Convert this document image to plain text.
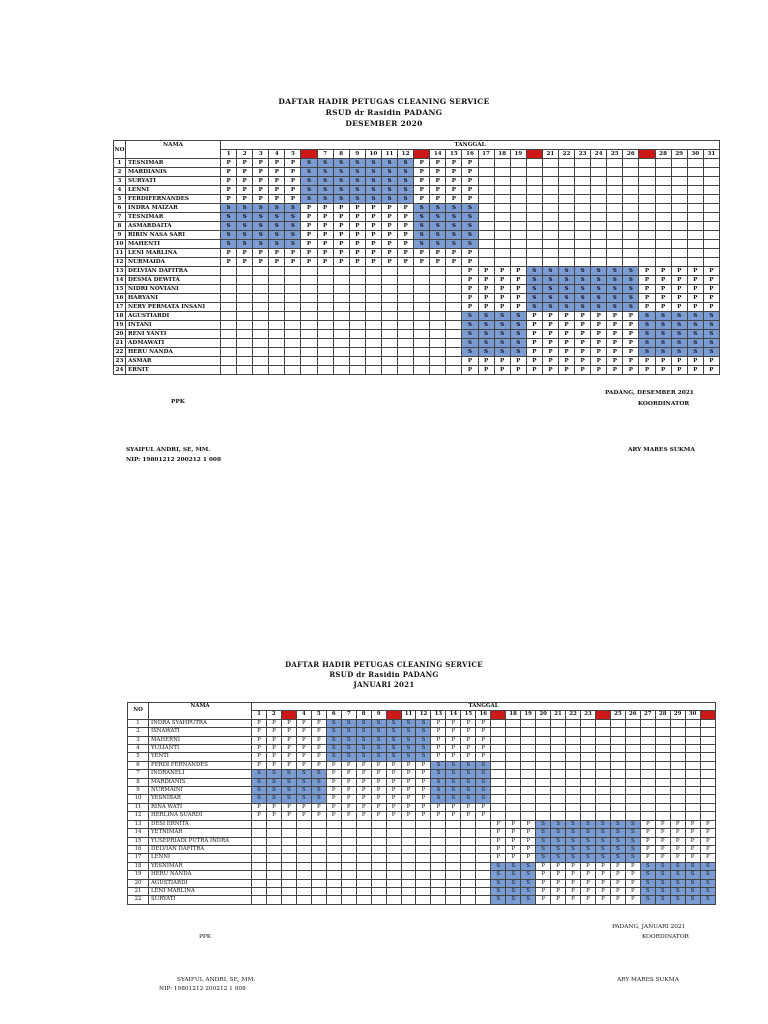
DAFTAR HADIR PETUGAS CLEANING SERVICE
RSUD dr Rasidin PADANG
DESEMBER 2020
NO	NAMA	TANGGAL																														
		1	2	3	4	5	6	7	8	9	10	11	12	13	14	15	16	17	18	19	20	21	22	23	24	25	26	27	28	29	30	31
1	TESNIMAR	P	P	P	P	P	S	S	S	S	S	S	S	P	P	P	P															
2	MARDIANIS	P	P	P	P	P	S	S	S	S	S	S	S	P	P	P	P															
3	SURYATI	P	P	P	P	P	S	S	S	S	S	S	S	P	P	P	P															
4	LENNI	P	P	P	P	P	S	S	S	S	S	S	S	P	P	P	P															
5	FERDIFERNANDES	P	P	P	P	P	S	S	S	S	S	S	S	P	P	P	P															
6	INDRA MAIZAR	S	S	S	S	S	P	P	P	P	P	P	P	S	S	S	S															
7	TESNIMAR	S	S	S	S	S	P	P	P	P	P	P	P	S	S	S	S															
8	ASMARDAITA	S	S	S	S	S	P	P	P	P	P	P	P	S	S	S	S															
9	RIRIN NASA SARI	S	S	S	S	S	P	P	P	P	P	P	P	S	S	S	S															
10	MAHENTI	S	S	S	S	S	P	P	P	P	P	P	P	S	S	S	S															
11	LENI MARLINA	P	P	P	P	P	P	P	P	P	P	P	P	P	P	P	P															
12	NURMAIDA	P	P	P	P	P	P	P	P	P	P	P	P	P	P	P	P															
13	DELVIAN DAFITRA																P	P	P	P	S	S	S	S	S	S	S	P	P	P	P	P
14	DESMA DEWITA																P	P	P	P	S	S	S	S	S	S	S	P	P	P	P	P
15	NIDRI NOVIANI																P	P	P	P	S	S	S	S	S	S	S	P	P	P	P	P
16	HARYANI																P	P	P	P	S	S	S	S	S	S	S	P	P	P	P	P
17	NERY PERMATA INSANI																P	P	P	P	S	S	S	S	S	S	S	P	P	P	P	P
18	AGUSTIARDI																S	S	S	S	P	P	P	P	P	P	P	S	S	S	S	S
19	INTANI																S	S	S	S	P	P	P	P	P	P	P	S	S	S	S	S
20	RENI YANTI																S	S	S	S	P	P	P	P	P	P	P	S	S	S	S	S
21	ADMAWATI																S	S	S	S	P	P	P	P	P	P	P	S	S	S	S	S
22	HERU NANDA																S	S	S	S	P	P	P	P	P	P	P	S	S	S	S	S
23	ASMAR																P	P	P	P	P	P	P	P	P	P	P	P	P	P	P	P
24	ERNIT																P	P	P	P	P	P	P	P	P	P	P	P	P	P	P	P
PADANG, DESEMBER 2021
KOORDINATOR
PPK
SYAIFUL ANDRI, SE, MM.
NIP: 19801212 200212 1 008
ARY MARES SUKMA
DAFTAR HADIR PETUGAS CLEANING SERVICE
RSUD dr Rasidin PADANG
JANUARI 2021
NO	NAMA	TANGGAL																														
		1	2	3	4	5	6	7	8	9	10	11	12	13	14	15	16	17	18	19	20	21	22	23	24	25	26	27	28	29	30	31
1	INDRA SYAHPUTRA	P	P	P	P	P	S	S	S	S	S	S	S	P	P	P	P															
2	ISNAWATI	P	P	P	P	P	S	S	S	S	S	S	S	P	P	P	P															
3	MAHERNI	P	P	P	P	P	S	S	S	S	S	S	S	P	P	P	P															
4	YULIANTI	P	P	P	P	P	S	S	S	S	S	S	S	P	P	P	P															
5	YENTI	P	P	P	P	P	S	S	S	S	S	S	S	P	P	P	P															
6	FERDI FERNANDES	P	P	P	P	P	P	P	P	P	P	P	P	S	S	S	S															
7	INDRANELI	S	S	S	S	S	P	P	P	P	P	P	P	S	S	S	S															
8	MARDIANIS	S	S	S	S	S	P	P	P	P	P	P	P	S	S	S	S															
9	NURMAINI	S	S	S	S	S	P	P	P	P	P	P	P	S	S	S	S															
10	YESNIBAR	S	S	S	S	S	P	P	P	P	P	P	P	S	S	S	S															
11	RINA WATI	P	P	P	P	P	P	P	P	P	P	P	P	P	P	P	P															
12	HERLINA SUARDI	P	P	P	P	P	P	P	P	P	P	P	P	P	P	P	P															
13	DESI ERNITA																	P	P	P	S	S	S	S	S	S	S	P	P	P	P	P
14	YETNIMAR																	P	P	P	S	S	S	S	S	S	S	P	P	P	P	P
15	YUSEPRIADI PUTRA INDRA																	P	P	P	S	S	S	S	S	S	S	P	P	P	P	P
16	DELVIAN DAFITRA																	P	P	P	S	S	S	S	S	S	S	P	P	P	P	P
17	LENNI																	P	P	P	S	S	S	S	S	S	S	P	P	P	P	P
18	YESNIMAR																	S	S	S	P	P	P	P	P	P	P	S	S	S	S	S
19	HERU NANDA																	S	S	S	P	P	P	P	P	P	P	S	S	S	S	S
20	AGUSTIARDI																	S	S	S	P	P	P	P	P	P	P	S	S	S	S	S
21	LENI MARLINA																	S	S	S	P	P	P	P	P	P	P	S	S	S	S	S
22	SURYATI																	S	S	S	P	P	P	P	P	P	P	S	S	S	S	S
PADANG, JANUARI 2021
KOORDINATOR
PPK
SYAIFUL ANDRI, SE, MM.
NIP: 19801212 200212 1 008
ARY MARES SUKMA
